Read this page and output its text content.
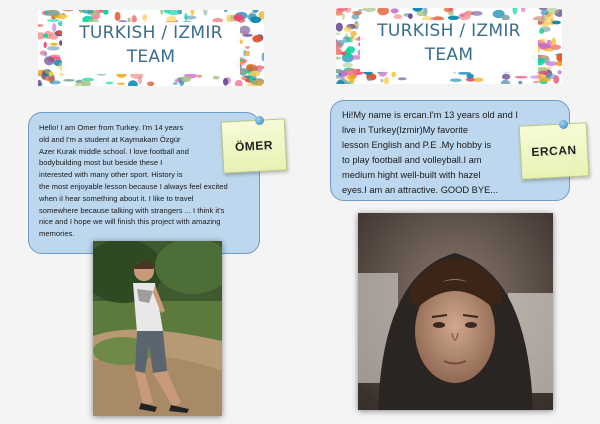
TURKISH / IZMIR
TEAM
TURKISH / IZMIR
TEAM

Hello! I am Omer from Turkey. I'm 14 years
old and I'm a student at Kaymakam Özgür
Azer Kurak middle school. I love football and
bodybuilding most but beside these I
interested with many other sport. History is
the most enjoyable lesson because I always feel excited
when iI hear something about it. I like to travel
somewhere because talking with strangers ... I think it's
nice and I hope we will finish this project with amazing
memories.

ÖMER

Hi!My name is ercan.I'm 13 years old and I
live in Turkey(Izmir)My favorite
lesson English and P.E .My hobby is
to play football and volleyball.I am
medium hight well-built with hazel
eyes.I am an attractive. GOOD BYE...

ERCAN
